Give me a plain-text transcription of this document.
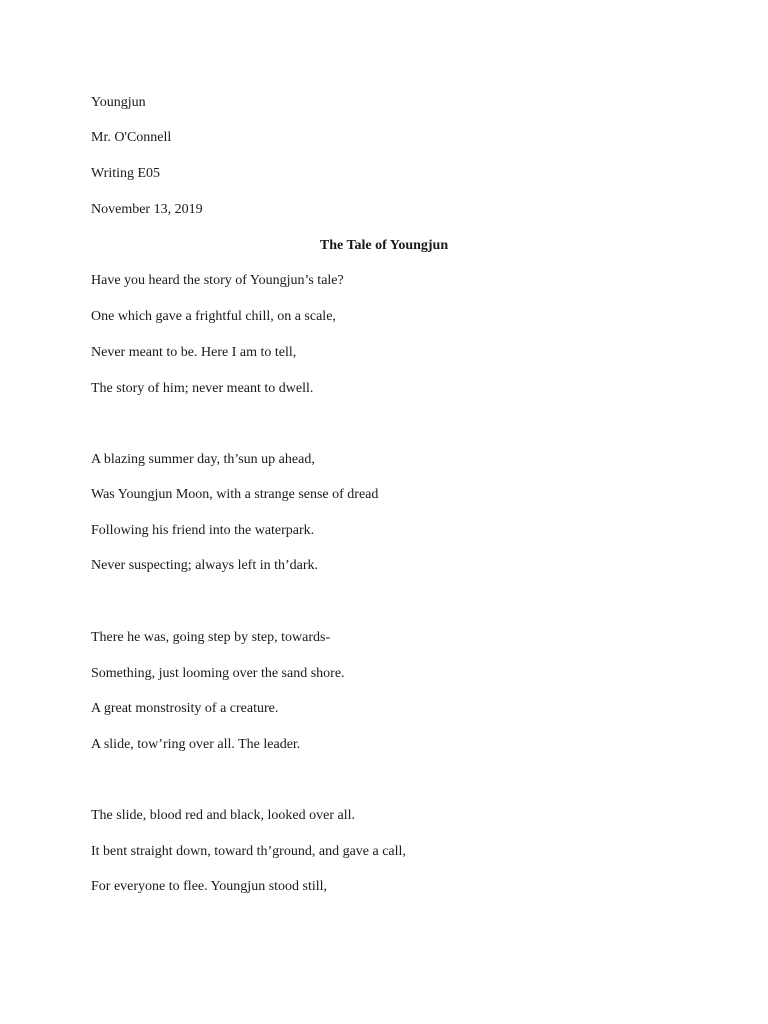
Youngjun
Mr. O'Connell
Writing E05
November 13, 2019
The Tale of Youngjun
Have you heard the story of Youngjun’s tale?
One which gave a frightful chill, on a scale,
Never meant to be. Here I am to tell,
The story of him; never meant to dwell.
A blazing summer day, th’sun up ahead,
Was Youngjun Moon, with a strange sense of dread
Following his friend into the waterpark.
Never suspecting; always left in th’dark.
There he was, going step by step, towards-
Something, just looming over the sand shore.
A great monstrosity of a creature.
A slide, tow’ring over all. The leader.
The slide, blood red and black, looked over all.
It bent straight down, toward th’ground, and gave a call,
For everyone to flee. Youngjun stood still,
